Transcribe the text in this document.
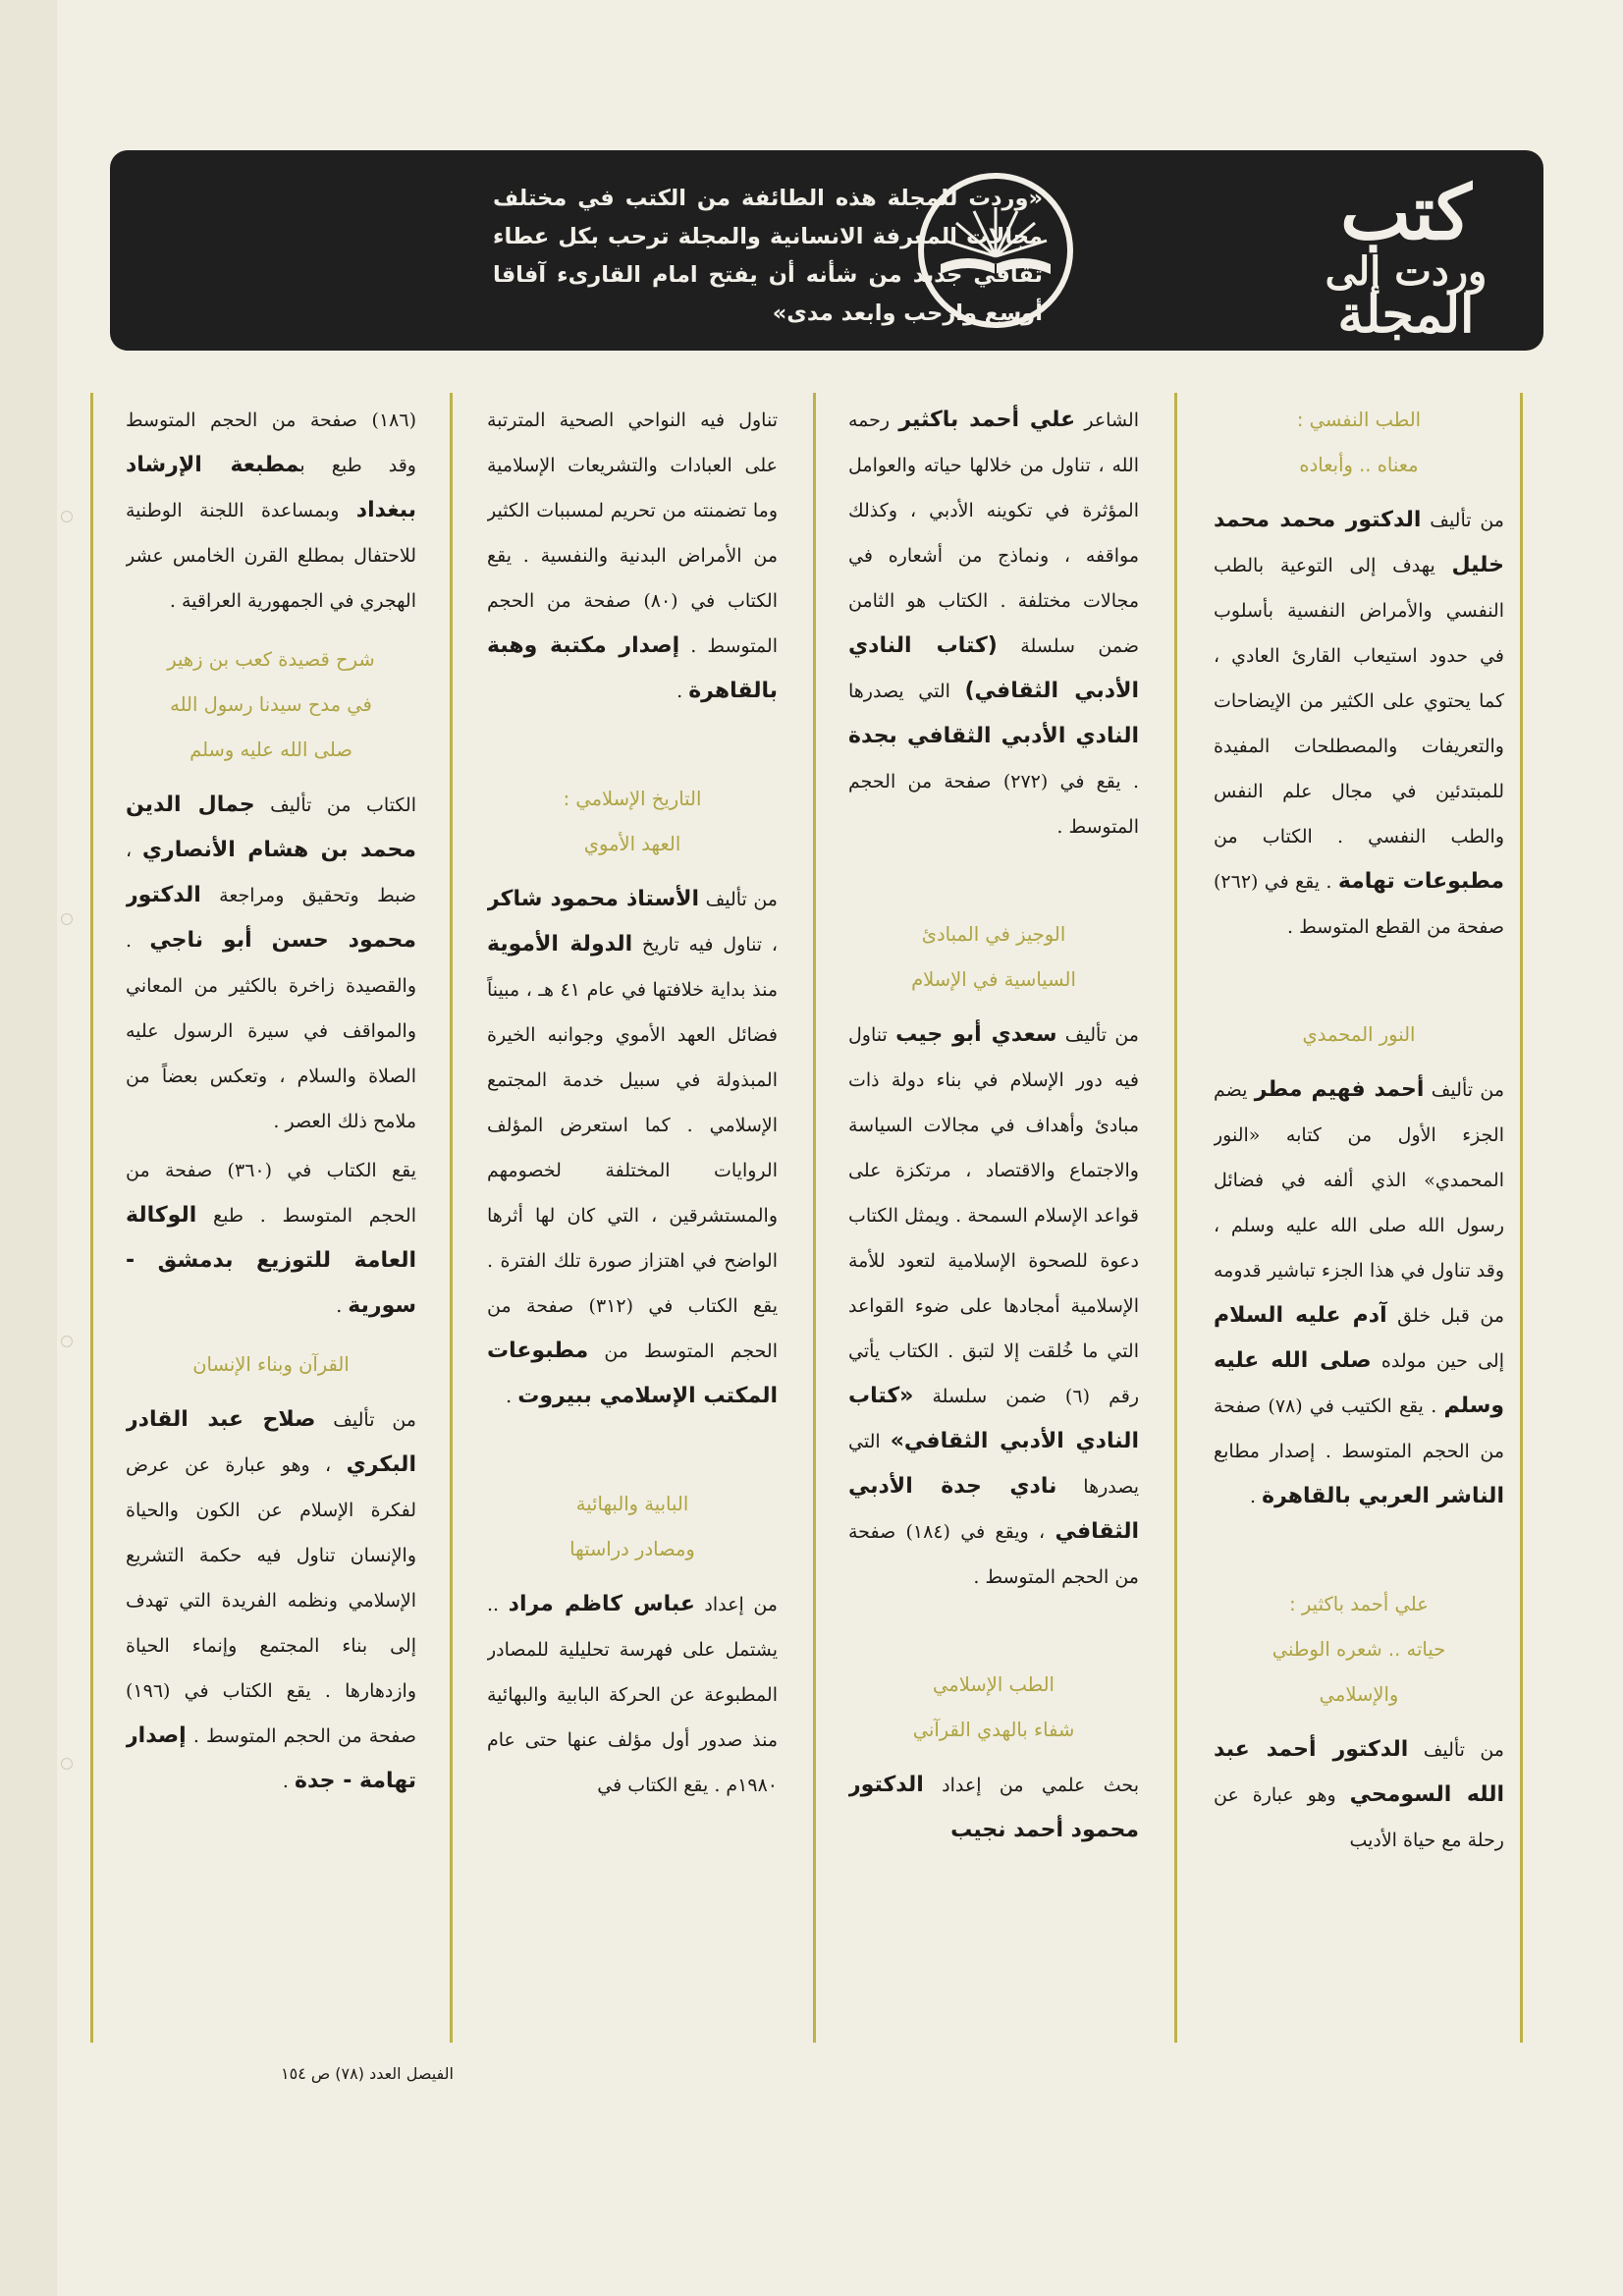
كتب
وردت إلى
المجلة
«وردت للمجلة هذه الطائفة من الكتب في مختلف مجالات المعرفة الانسانية والمجلة ترحب بكل عطاء ثقافي جديد من شأنه أن يفتح امام القارىء آفاقا أوسع وارحب وابعد مدى»
الطب النفسي :
معناه .. وأبعاده

من تأليف الدكتور محمد محمد خليل يهدف إلى التوعية بالطب النفسي والأمراض النفسية بأسلوب في حدود استيعاب القارئ العادي ، كما يحتوي على الكثير من الإيضاحات والتعريفات والمصطلحات المفيدة للمبتدئين في مجال علم النفس والطب النفسي . الكتاب من مطبوعات تهامة . يقع في (٢٦٢) صفحة من القطع المتوسط .

النور المحمدي

من تأليف أحمد فهيم مطر يضم الجزء الأول من كتابه «النور المحمدي» الذي ألفه في فضائل رسول الله صلى الله عليه وسلم ، وقد تناول في هذا الجزء تباشير قدومه من قبل خلق آدم عليه السلام إلى حين مولده صلى الله عليه وسلم . يقع الكتيب في (٧٨) صفحة من الحجم المتوسط . إصدار مطابع الناشر العربي بالقاهرة .

علي أحمد باكثير :
حياته .. شعره الوطني
والإسلامي

من تأليف الدكتور أحمد عبد الله السومحي وهو عبارة عن رحلة مع حياة الأديب

الشاعر علي أحمد باكثير رحمه الله ، تناول من خلالها حياته والعوامل المؤثرة في تكوينه الأدبي ، وكذلك مواقفه ، ونماذج من أشعاره في مجالات مختلفة . الكتاب هو الثامن ضمن سلسلة (كتاب النادي الأدبي الثقافي) التي يصدرها النادي الأدبي الثقافي بجدة . يقع في (٢٧٢) صفحة من الحجم المتوسط .

الوجيز في المبادئ
السياسية في الإسلام

من تأليف سعدي أبو جيب تناول فيه دور الإسلام في بناء دولة ذات مبادئ وأهداف في مجالات السياسة والاجتماع والاقتصاد ، مرتكزة على قواعد الإسلام السمحة . ويمثل الكتاب دعوة للصحوة الإسلامية لتعود للأمة الإسلامية أمجادها على ضوء القواعد التي ما خُلقت إلا لتبق . الكتاب يأتي رقم (٦) ضمن سلسلة «كتاب النادي الأدبي الثقافي» التي يصدرها نادي جدة الأدبي الثقافي ، ويقع في (١٨٤) صفحة من الحجم المتوسط .

الطب الإسلامي
شفاء بالهدي القرآني

بحث علمي من إعداد الدكتور محمود أحمد نجيب

تناول فيه النواحي الصحية المترتبة على العبادات والتشريعات الإسلامية وما تضمنته من تحريم لمسببات الكثير من الأمراض البدنية والنفسية . يقع الكتاب في (٨٠) صفحة من الحجم المتوسط . إصدار مكتبة وهبة بالقاهرة .

التاريخ الإسلامي :
العهد الأموي

من تأليف الأستاذ محمود شاكر ، تناول فيه تاريخ الدولة الأموية منذ بداية خلافتها في عام ٤١ هـ ، مبيناً فضائل العهد الأموي وجوانبه الخيرة المبذولة في سبيل خدمة المجتمع الإسلامي . كما استعرض المؤلف الروايات المختلفة لخصومهم والمستشرقين ، التي كان لها أثرها الواضح في اهتزاز صورة تلك الفترة . يقع الكتاب في (٣١٢) صفحة من الحجم المتوسط من مطبوعات المكتب الإسلامي ببيروت .

البابية والبهائية
ومصادر دراستها

من إعداد عباس كاظم مراد .. يشتمل على فهرسة تحليلية للمصادر المطبوعة عن الحركة البابية والبهائية منذ صدور أول مؤلف عنها حتى عام ١٩٨٠م . يقع الكتاب في

(١٨٦) صفحة من الحجم المتوسط وقد طبع بمطبعة الإرشاد ببغداد وبمساعدة اللجنة الوطنية للاحتفال بمطلع القرن الخامس عشر الهجري في الجمهورية العراقية .

شرح قصيدة كعب بن زهير
في مدح سيدنا رسول الله
صلى الله عليه وسلم

الكتاب من تأليف جمال الدين محمد بن هشام الأنصاري ، ضبط وتحقيق ومراجعة الدكتور محمود حسن أبو ناجي . والقصيدة زاخرة بالكثير من المعاني والمواقف في سيرة الرسول عليه الصلاة والسلام ، وتعكس بعضاً من ملامح ذلك العصر .

يقع الكتاب في (٣٦٠) صفحة من الحجم المتوسط . طبع الوكالة العامة للتوزيع بدمشق - سورية .

القرآن وبناء الإنسان

من تأليف صلاح عبد القادر البكري ، وهو عبارة عن عرض لفكرة الإسلام عن الكون والحياة والإنسان تناول فيه حكمة التشريع الإسلامي ونظمه الفريدة التي تهدف إلى بناء المجتمع وإنماء الحياة وازدهارها . يقع الكتاب في (١٩٦) صفحة من الحجم المتوسط . إصدار تهامة - جدة .

الفيصل العدد (٧٨) ص ١٥٤
